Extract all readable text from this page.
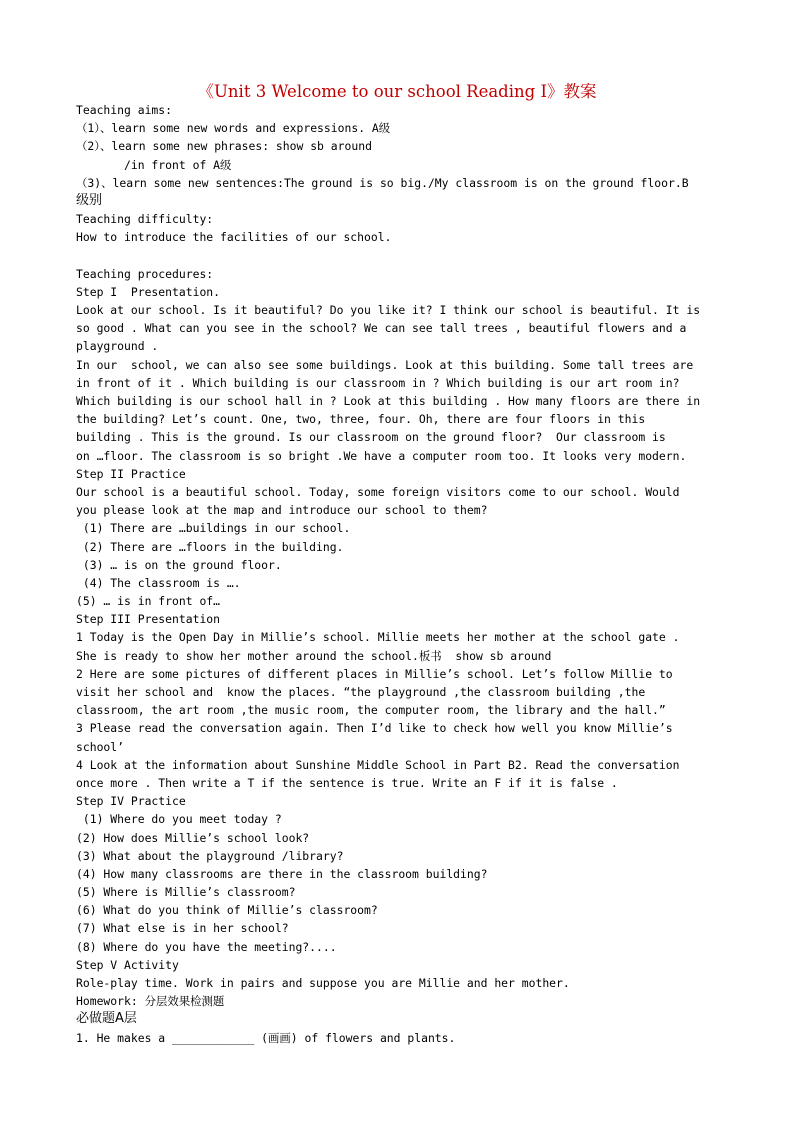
《Unit 3 Welcome to our school Reading I》教案
Teaching aims:
（1）、learn some new words and expressions. A级
（2）、learn some new phrases: show sb around
/in front of A级
（3)、learn some new sentences:The ground is so big./My classroom is on the ground floor.B
级别
Teaching difficulty:
How to introduce the facilities of our school.
Teaching procedures:
Step I  Presentation.
Look at our school. Is it beautiful? Do you like it? I think our school is beautiful. It is
so good . What can you see in the school? We can see tall trees , beautiful flowers and a
playground .
In our  school, we can also see some buildings. Look at this building. Some tall trees are
in front of it . Which building is our classroom in ? Which building is our art room in?
Which building is our school hall in ? Look at this building . How many floors are there in
the building? Let’s count. One, two, three, four. Oh, there are four floors in this
building . This is the ground. Is our classroom on the ground floor?  Our classroom is
on …floor. The classroom is so bright .We have a computer room too. It looks very modern.
Step II Practice
Our school is a beautiful school. Today, some foreign visitors come to our school. Would
you please look at the map and introduce our school to them?
(1) There are …buildings in our school.
(2) There are …floors in the building.
(3) … is on the ground floor.
(4) The classroom is ….
(5) … is in front of…
Step III Presentation
1 Today is the Open Day in Millie’s school. Millie meets her mother at the school gate .
She is ready to show her mother around the school.板书  show sb around
2 Here are some pictures of different places in Millie’s school. Let’s follow Millie to
visit her school and  know the places. “the playground ,the classroom building ,the
classroom, the art room ,the music room, the computer room, the library and the hall.”
3 Please read the conversation again. Then I’d like to check how well you know Millie’s
school’
4 Look at the information about Sunshine Middle School in Part B2. Read the conversation
once more . Then write a T if the sentence is true. Write an F if it is false .
Step IV Practice
(1) Where do you meet today ?
(2) How does Millie’s school look?
(3) What about the playground /library?
(4) How many classrooms are there in the classroom building?
(5) Where is Millie’s classroom?
(6) What do you think of Millie’s classroom?
(7) What else is in her school?
(8) Where do you have the meeting?....
Step V Activity
Role-play time. Work in pairs and suppose you are Millie and her mother.
Homework: 分层效果检测题
必做题A层
1. He makes a ____________ (画画) of flowers and plants.
